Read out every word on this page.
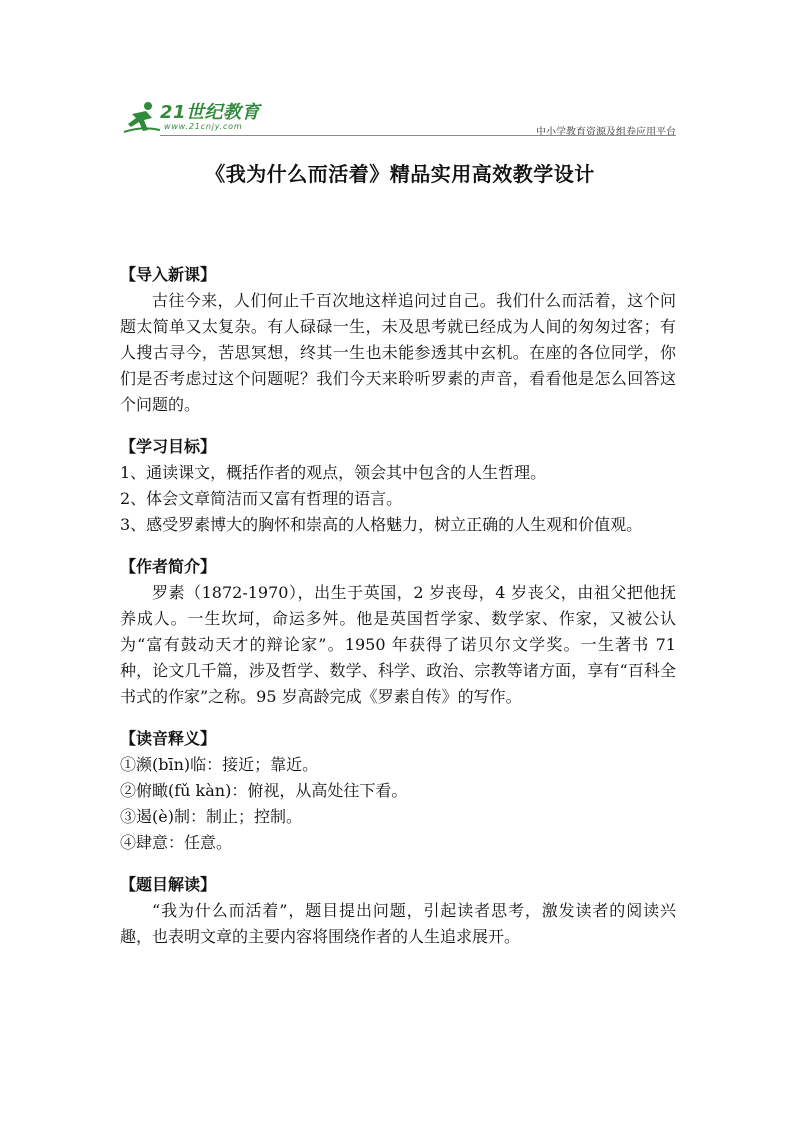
21世纪教育
www.21cnjy.com
中小学教育资源及组卷应用平台
《我为什么而活着》精品实用高效教学设计
【导入新课】

古往今来，人们何止千百次地这样追问过自己。我们什么而活着，这个问题太简单又太复杂。有人碌碌一生，未及思考就已经成为人间的匆匆过客；有人搜古寻今，苦思冥想，终其一生也未能参透其中玄机。在座的各位同学，你们是否考虑过这个问题呢？我们今天来聆听罗素的声音，看看他是怎么回答这个问题的。

【学习目标】

1、通读课文，概括作者的观点，领会其中包含的人生哲理。

2、体会文章简洁而又富有哲理的语言。

3、感受罗素博大的胸怀和崇高的人格魅力，树立正确的人生观和价值观。

【作者简介】

罗素（1872-1970），出生于英国，2 岁丧母，4 岁丧父，由祖父把他抚养成人。一生坎坷，命运多舛。他是英国哲学家、数学家、作家，又被公认为“富有鼓动天才的辩论家”。1950 年获得了诺贝尔文学奖。一生著书 71 种，论文几千篇，涉及哲学、数学、科学、政治、宗教等诸方面，享有“百科全书式的作家”之称。95 岁高龄完成《罗素自传》的写作。

【读音释义】

①濒(bīn)临：接近；靠近。

②俯瞰(fǔ kàn)：俯视，从高处往下看。

③遏(è)制：制止；控制。

④肆意：任意。

【题目解读】

“我为什么而活着”，题目提出问题，引起读者思考，激发读者的阅读兴趣，也表明文章的主要内容将围绕作者的人生追求展开。
